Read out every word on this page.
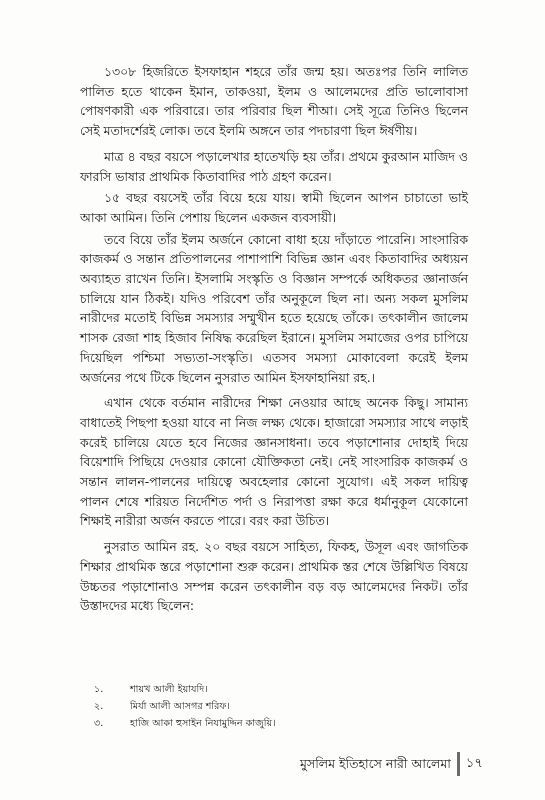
১৩০৮ হিজরিতে ইসফাহান শহরে তাঁর জন্ম হয়। অতঃপর তিনি লালিত পালিত হতে থাকেন ইমান, তাকওয়া, ইলম ও আলেমদের প্রতি ভালোবাসা পোষণকারী এক পরিবারে। তার পরিবার ছিল শীআ। সেই সূত্রে তিনিও ছিলেন সেই মতাদর্শেরই লোক। তবে ইলমি অঙ্গনে তার পদচারণা ছিল ঈর্ষণীয়।

মাত্র ৪ বছর বয়সে পড়ালেখার হাতেখড়ি হয় তাঁর। প্রথমে কুরআন মাজিদ ও ফারসি ভাষার প্রাথমিক কিতাবাদির পাঠ গ্রহণ করেন।

১৫ বছর বয়সেই তাঁর বিয়ে হয়ে যায়। স্বামী ছিলেন আপন চাচাতো ভাই আকা আমিন। তিনি পেশায় ছিলেন একজন ব্যবসায়ী।

তবে বিয়ে তাঁর ইলম অর্জনে কোনো বাধা হয়ে দাঁড়াতে পারেনি। সাংসারিক কাজকর্ম ও সন্তান প্রতিপালনের পাশাপাশি বিভিন্ন জ্ঞান এবং কিতাবাদির অধ্যয়ন অব্যাহত রাখেন তিনি। ইসলামি সংস্কৃতি ও বিজ্ঞান সম্পর্কে অধিকতর জ্ঞানার্জন চালিয়ে যান ঠিকই। যদিও পরিবেশ তাঁর অনুকূলে ছিল না। অন্য সকল মুসলিম নারীদের মতোই বিভিন্ন সমস্যার সম্মুখীন হতে হয়েছে তাঁকে। তৎকালীন জালেম শাসক রেজা শাহ হিজাব নিষিদ্ধ করেছিল ইরানে। মুসলিম সমাজের ওপর চাপিয়ে দিয়েছিল পশ্চিমা সভ্যতা-সংস্কৃতি। এতসব সমস্যা মোকাবেলা করেই ইলম অর্জনের পথে টিকে ছিলেন নুসরাত আমিন ইসফাহানিয়া রহ.।

এখান থেকে বর্তমান নারীদের শিক্ষা নেওয়ার আছে অনেক কিছু। সামান্য বাধাতেই পিছপা হওয়া যাবে না নিজ লক্ষ্য থেকে। হাজারো সমস্যার সাথে লড়াই করেই চালিয়ে যেতে হবে নিজের জ্ঞানসাধনা। তবে পড়াশোনার দোহাই দিয়ে বিয়েশাদি পিছিয়ে দেওয়ার কোনো যৌক্তিকতা নেই। নেই সাংসারিক কাজকর্ম ও সন্তান লালন-পালনের দায়িত্বে অবহেলার কোনো সুযোগ। এই সকল দায়িত্ব পালন শেষে শরিয়ত নির্দেশিত পর্দা ও নিরাপত্তা রক্ষা করে ধর্মানুকূল যেকোনো শিক্ষাই নারীরা অর্জন করতে পারে। বরং করা উচিত।

নুসরাত আমিন রহ. ২০ বছর বয়সে সাহিত্য, ফিকহ, উসূল এবং জাগতিক শিক্ষার প্রাথমিক স্তরে পড়াশোনা শুরু করেন। প্রাথমিক স্তর শেষে উল্লিখিত বিষয়ে উচ্চতর পড়াশোনাও সম্পন্ন করেন তৎকালীন বড় বড় আলেমদের নিকট। তাঁর উস্তাদদের মধ্যে ছিলেন:

১.	শায়খ আলী ইয়াযদি।
২.	মির্যা আলী আসগর শরিফ।
৩.	হাজি আকা হুসাইন নিযামুদ্দিন কাজুয়ি।
মুসলিম ইতিহাসে নারী আলেমা ১৭
